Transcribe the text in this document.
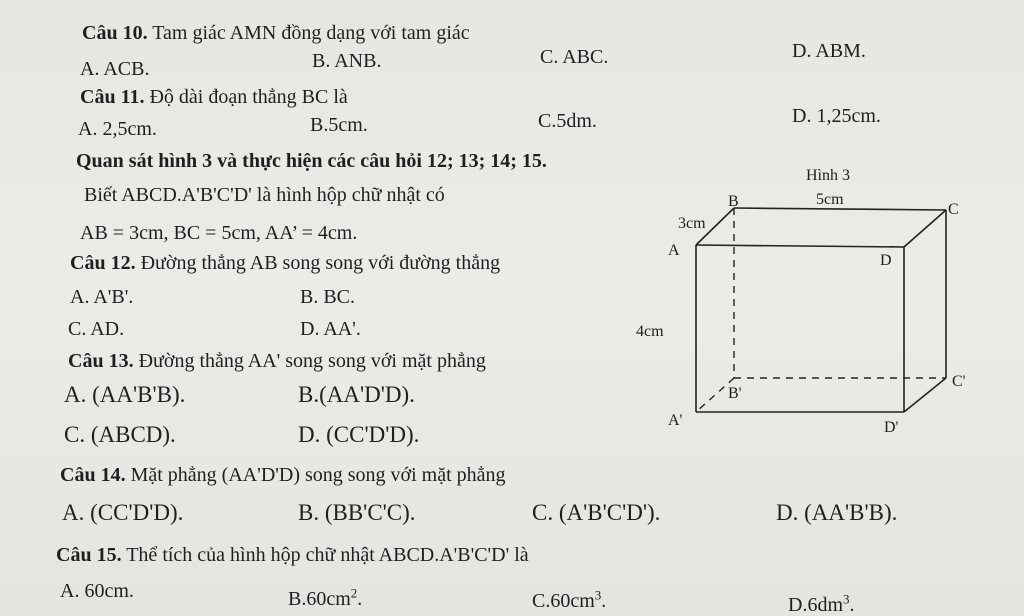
Câu 10. Tam giác AMN đồng dạng với tam giác
A. ACB.	B. ANB.	C. ABC.	D. ABM.
Câu 11. Độ dài đoạn thẳng BC là
A. 2,5cm.	B.5cm.	C.5dm.	D. 1,25cm.
Quan sát hình 3 và thực hiện các câu hỏi 12; 13; 14; 15.
Biết ABCD.A'B'C'D' là hình hộp chữ nhật có
AB = 3cm, BC = 5cm, AA’ = 4cm.
Câu 12. Đường thẳng AB song song với đường thẳng
A. A'B'.	B. BC.
C. AD.	D. AA'.
Câu 13. Đường thẳng AA' song song với mặt phẳng
A. (AA'B'B).	B.(AA'D'D).
C. (ABCD).	D. (CC'D'D).
Câu 14. Mặt phẳng (AA'D'D) song song với mặt phẳng
A. (CC'D'D).	B. (BB'C'C).	C. (A'B'C'D').	D. (AA'B'B).
Câu 15. Thể tích của hình hộp chữ nhật ABCD.A'B'C'D' là
A. 60cm.	$B.60cm^2$.	$C.60cm^3$.	$D.6dm^3$.
Hình 3
B	C
A
D
B'
C'
A'	D'
5cm
3cm
4cm
